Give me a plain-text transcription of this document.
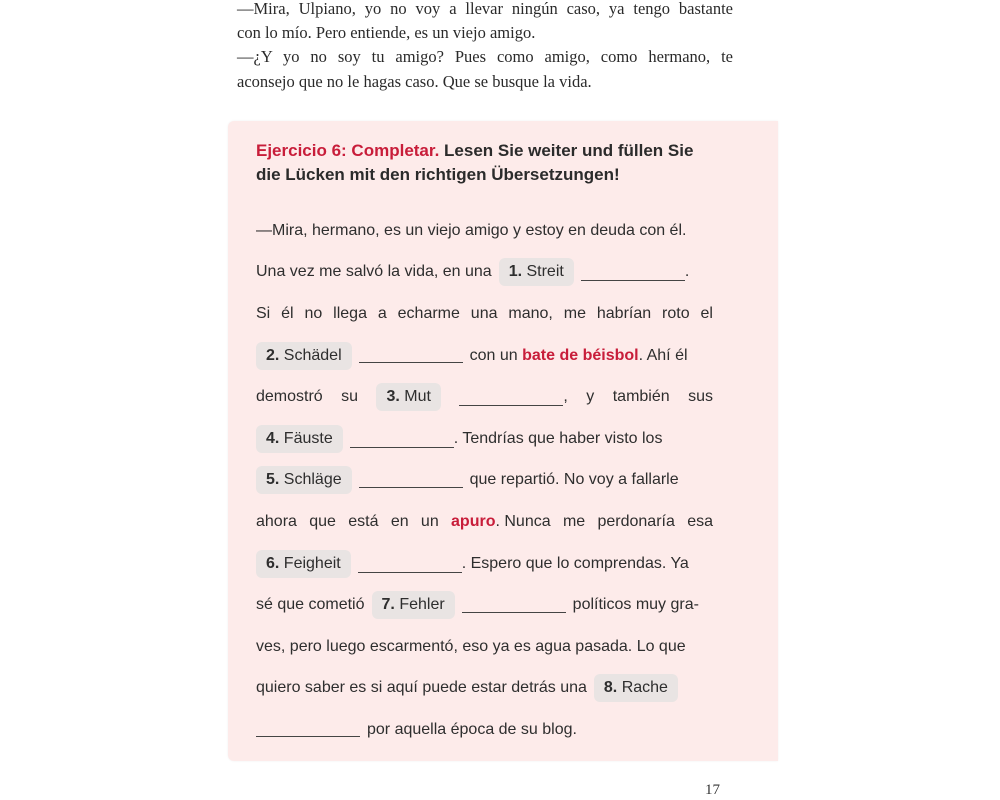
—Mira, Ulpiano, yo no voy a llevar ningún caso, ya tengo bastante

con lo mío. Pero entiende, es un viejo amigo.

—¿Y yo no soy tu amigo? Pues como amigo, como hermano, te

aconsejo que no le hagas caso. Que se busque la vida.

Ejercicio 6: Completar. Lesen Sie weiter und füllen Sie
die Lücken mit den richtigen Übersetzungen!
—Mira, hermano, es un viejo amigo y estoy en deuda con él.
Una vez me salvó la vida, en una	1. Streit	.
Si él no llega a echarme una mano, me habrían roto el
2. Schädel	con un bate de béisbol. Ahí él
demostró su	3. Mut	, y también sus
4. Fäuste	. Tendrías que haber visto los
5. Schläge	que repartió. No voy a fallarle
ahora que está en un apuro. Nunca me perdonaría esa
6. Feigheit	. Espero que lo comprendas. Ya
sé que cometió	7. Fehler	políticos muy gra-
ves, pero luego escarmentó, eso ya es agua pasada. Lo que
quiero saber es si aquí puede estar detrás una	8. Rache
por aquella época de su blog.
17
